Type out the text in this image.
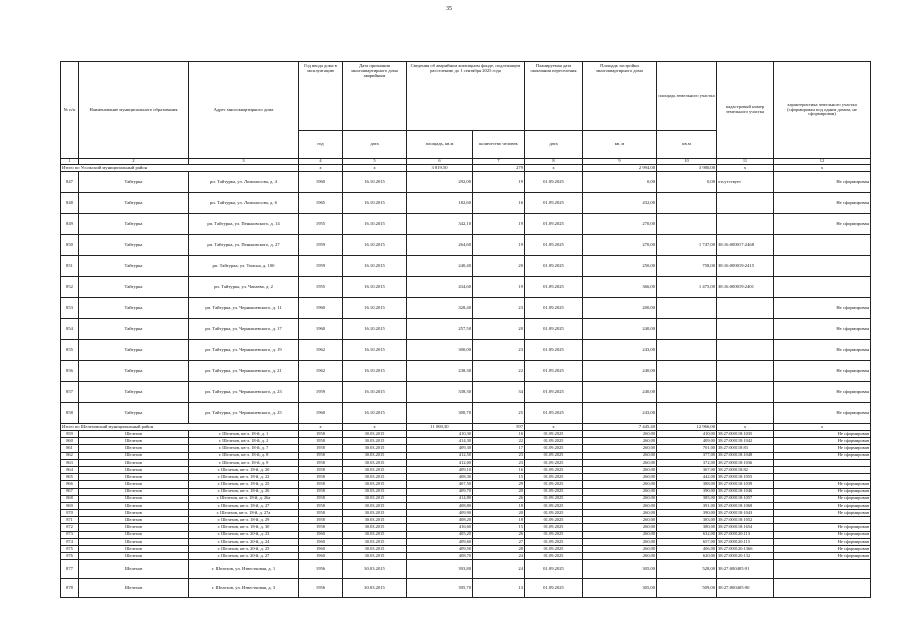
35
№ п/п	Наименование муниципального образования	Адрес многоквартирного дома	Год ввода дома в эксплуатацию	Дата признания многоквартирного дома аварийным	Сведения об аварийном жилищном фонде, подлежащем расселению до 1 сентября 2025 года		Планируемая дата окончания переселения	Площадь застройки многоквартирного дома	площадь земельного участка	кадастровый номер земельного участка	характеристика земельного участка (сформирован под одним домом, не сформирован)
			год	дата	площадь, кв.м	количество человек	дата	кв. м	кв.м		
1	2	3	4	5	6	7	8	9	10	11	12
Итого по Усольский муниципальный район			х	х	3 819,50	279	х	2 994,00	3 980,00	х	х
847	Тайтурка	рп. Тайтурка, ул. Ломоносова, д. 4	1960	16.10.2015	292,00	19	01.09.2025	0,00	0,00	отсутствует	Не сформирован
848	Тайтурка	рп. Тайтурка, ул. Ломоносова, д. 6	1965	16.10.2015	182,60	16	01.09.2025	432,00			Не сформирован
849	Тайтурка	рп. Тайтурка, ул. Пеньковского, д. 14	1955	16.10.2015	342,10	19	01.09.2025	270,00			Не сформирован
850	Тайтурка	рп. Тайтурка, ул. Пеньковского, д. 27	1959	16.10.2015	264,60	19	01.09.2025	270,00	1 747,00	38:16:000017:2468	
851	Тайтурка	рп. Тайтурка, ул. Томсна, д. 100	1959	16.10.2015	240,40	20	01.09.2025	250,00	758,00	38:16:000019:2415	
852	Тайтурка	рп. Тайтурка, ул. Чапаева, д. 2	1955	16.10.2015	434,60	19	01.09.2025	366,00	1 475,00	38:16:000019:2401	
853	Тайтурка	рп. Тайтурка, ул. Чернышевского, д. 11	1960	16.10.2015	328,40	23	01.09.2025	200,00			Не сформирован
854	Тайтурка	рп. Тайтурка, ул. Чернышевского, д. 17	1960	16.10.2015	257,50	20	01.09.2025	240,00			Не сформирован
855	Тайтурка	рп. Тайтурка, ул. Чернышевского, д. 19	1962	16.10.2015	300,00	23	01.09.2025	243,00			Не сформирован
856	Тайтурка	рп. Тайтурка, ул. Чернышевского, д. 21	1962	16.10.2015	238,30	22	01.09.2025	240,00			Не сформирован
857	Тайтурка	рп. Тайтурка, ул. Чернышевского, д. 23	1959	16.10.2015	338,30	34	01.09.2025	240,00			Не сформирован
858	Тайтурка	рп. Тайтурка, ул. Чернышевского, д. 25	1960	16.10.2015	300,70	25	01.09.2025	243,00			Не сформирован
Итого по Шелеховский муниципальный район			х	х	11 069,30	597	х	7 445,40	12 966,00	х	х
859	Шелехов	г. Шелехов, кв-л. 18-й, д. 1	1958	30.03.2015	410,30	16	01.09.2025	260,00	410,00	38:27:000118:1035	Не сформирован
860	Шелехов	г. Шелехов, кв-л. 18-й, д. 2	1958	30.03.2015	414,30	22	01.09.2025	260,00	409,00	38:27:000118:1042	Не сформирован
861	Шелехов	г. Шелехов, кв-л. 18-й, д. 7	1958	30.03.2015	409,30	17	01.09.2025	260,00	701,00	38:27:000118:83	Не сформирован
862	Шелехов	г. Шелехов, кв-л. 18-й, д. 8	1958	30.03.2015	412,50	23	01.09.2025	260,00	377,00	38:27:000118:1048	Не сформирован
863	Шелехов	г. Шелехов, кв-л. 18-й, д. 9	1958	30.03.2015	412,00	23	01.09.2025	260,00	372,00	38:27:000118:1036	
864	Шелехов	г. Шелехов, кв-л. 18-й, д. 20	1958	30.03.2015	409,10	16	01.09.2025	260,00	367,00	38:27:000118:82	
865	Шелехов	г. Шелехов, кв-л. 18-й, д. 22	1958	30.03.2015	408,30	15	01.09.2025	260,00	442,00	38:27:000118:1055	
866	Шелехов	г. Шелехов, кв-л. 18-й, д. 25	1958	30.03.2015	407,50	29	01.09.2025	260,00	388,00	38:27:000118:1039	Не сформирован
867	Шелехов	г. Шелехов, кв-л. 18-й, д. 26	1958	30.03.2015	409,70	20	01.09.2025	260,00	390,00	38:27:000118:1046	Не сформирован
868	Шелехов	г. Шелехов, кв-л. 18-й, д. 26а	1958	30.03.2015	414,80	26	01.09.2025	260,00	385,00	38:27:000118:1057	Не сформирован
869	Шелехов	г. Шелехов, кв-л. 18-й, д. 27	1958	30.03.2015	408,80	18	01.09.2025	260,00	391,00	38:27:000118:1068	Не сформирован
870	Шелехов	г. Шелехов, кв-л. 18-й, д. 27а	1958	30.03.2015	409,90	20	01.09.2025	260,00	390,00	38:27:000118:1043	Не сформирован
871	Шелехов	г. Шелехов, кв-л. 18-й, д. 29	1958	30.03.2015	408,20	18	01.09.2025	260,00	383,00	38:27:000118:1052	
872	Шелехов	г. Шелехов, кв-л. 18-й, д. 30	1958	30.03.2015	416,60	15	01.09.2025	260,00	380,00	38:27:000118:1654	Не сформирован
873	Шелехов	г. Шелехов, кв-л. 20-й, д. 23	1960	30.03.2015	405,20	26	01.09.2025	260,00	632,00	38:27:000120:113	Не сформирован
874	Шелехов	г. Шелехов, кв-л. 20-й, д. 24	1960	30.03.2015	409,60	27	01.09.2025	260,00	657,00	38:27:000120:115	Не сформирован
875	Шелехов	г. Шелехов, кв-л. 20-й, д. 25	1960	30.03.2015	409,50	28	01.09.2025	260,00	406,00	38:27:000120:1366	Не сформирован
876	Шелехов	г. Шелехов, кв-л. 20-й, д. 27	1960	30.03.2015	408,70	24	01.09.2025	260,00	620,00	38:27:000120:132	Не сформирован
877	Шелехов	г. Шелехов, ул. Известковая, д. 1	1956	30.03.2015	393,80	24	01.09.2025	305,00	528,00	38:27:000405:91	
878	Шелехов	г. Шелехов, ул. Известковая, д. 3	1956	30.03.2015	395,70	13	01.09.2025	305,00	509,00	38:27:000405:90	
